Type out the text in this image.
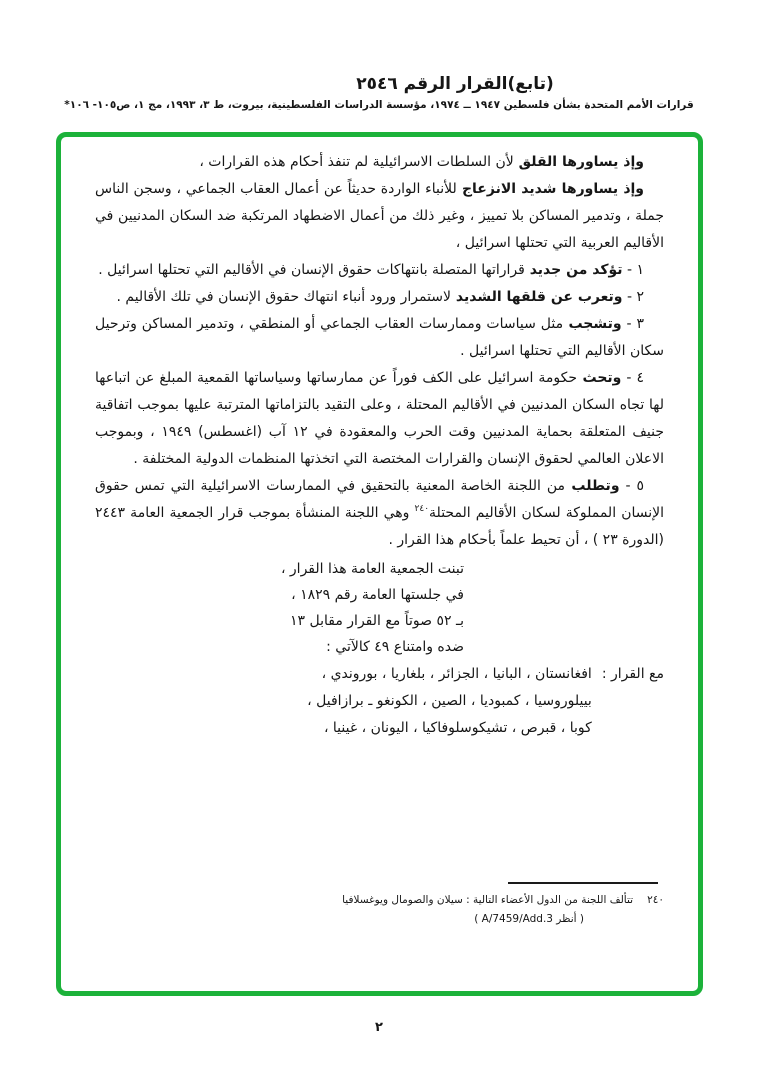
(تابع)القرار الرقم ٢٥٤٦
قرارات الأمم المتحدة بشأن فلسطين ١٩٤٧ ــ ١٩٧٤، مؤسسة الدراسات الفلسطينية، بيروت، ط ٣، ١٩٩٣، مج ١، ص١٠٥- ١٠٦*
وإذ يساورها القلق لأن السلطات الاسرائيلية لم تنفذ أحكام هذه القرارات ،
وإذ يساورها شديد الانزعاج للأنباء الواردة حديثاً عن أعمال العقاب الجماعي ، وسجن الناس جملة ، وتدمير المساكن بلا تمييز ، وغير ذلك من أعمال الاضطهاد المرتكبة ضد السكان المدنيين في الأقاليم العربية التي تحتلها اسرائيل ،
١ - تؤكد من جديد قراراتها المتصلة بانتهاكات حقوق الإنسان في الأقاليم التي تحتلها اسرائيل .
٢ - وتعرب عن قلقها الشديد لاستمرار ورود أنباء انتهاك حقوق الإنسان في تلك الأقاليم .
٣ - وتشجب مثل سياسات وممارسات العقاب الجماعي أو المنطقي ، وتدمير المساكن وترحيل سكان الأقاليم التي تحتلها اسرائيل .
٤ - وتحث حكومة اسرائيل على الكف فوراً عن ممارساتها وسياساتها القمعية المبلغ عن اتباعها لها تجاه السكان المدنيين في الأقاليم المحتلة ، وعلى التقيد بالتزاماتها المترتبة عليها بموجب اتفاقية جنيف المتعلقة بحماية المدنيين وقت الحرب والمعقودة في ١٢ آب (اغسطس) ١٩٤٩ ، وبموجب الاعلان العالمي لحقوق الإنسان والقرارات المختصة التي اتخذتها المنظمات الدولية المختلفة .
٥ - وتطلب من اللجنة الخاصة المعنية بالتحقيق في الممارسات الاسرائيلية التي تمس حقوق الإنسان المملوكة لسكان الأقاليم المحتلة$^{٢٤٠}$ وهي اللجنة المنشأة بموجب قرار الجمعية العامة ٢٤٤٣ (الدورة ٢٣ ) ، أن تحيط علماً بأحكام هذا القرار .
تبنت الجمعية العامة هذا القرار ،
في جلستها العامة رقم ١٨٢٩ ،
بـ ٥٢ صوتاً مع القرار مقابل ١٣
ضده وامتناع ٤٩ كالآتي :
مع القرار :
افغانستان ، البانيا ، الجزائر ، بلغاريا ، بوروندي ،
بييلوروسيا ، كمبوديا ، الصين ، الكونغو ـ برازافيل ،
كوبا ، قبرص ، تشيكوسلوفاكيا ، اليونان ، غينيا ،
٢٤٠
تتألف اللجنة من الدول الأعضاء التالية : سيلان والصومال ويوغسلافيا
( أنظر A/7459/Add.3 )
٢
